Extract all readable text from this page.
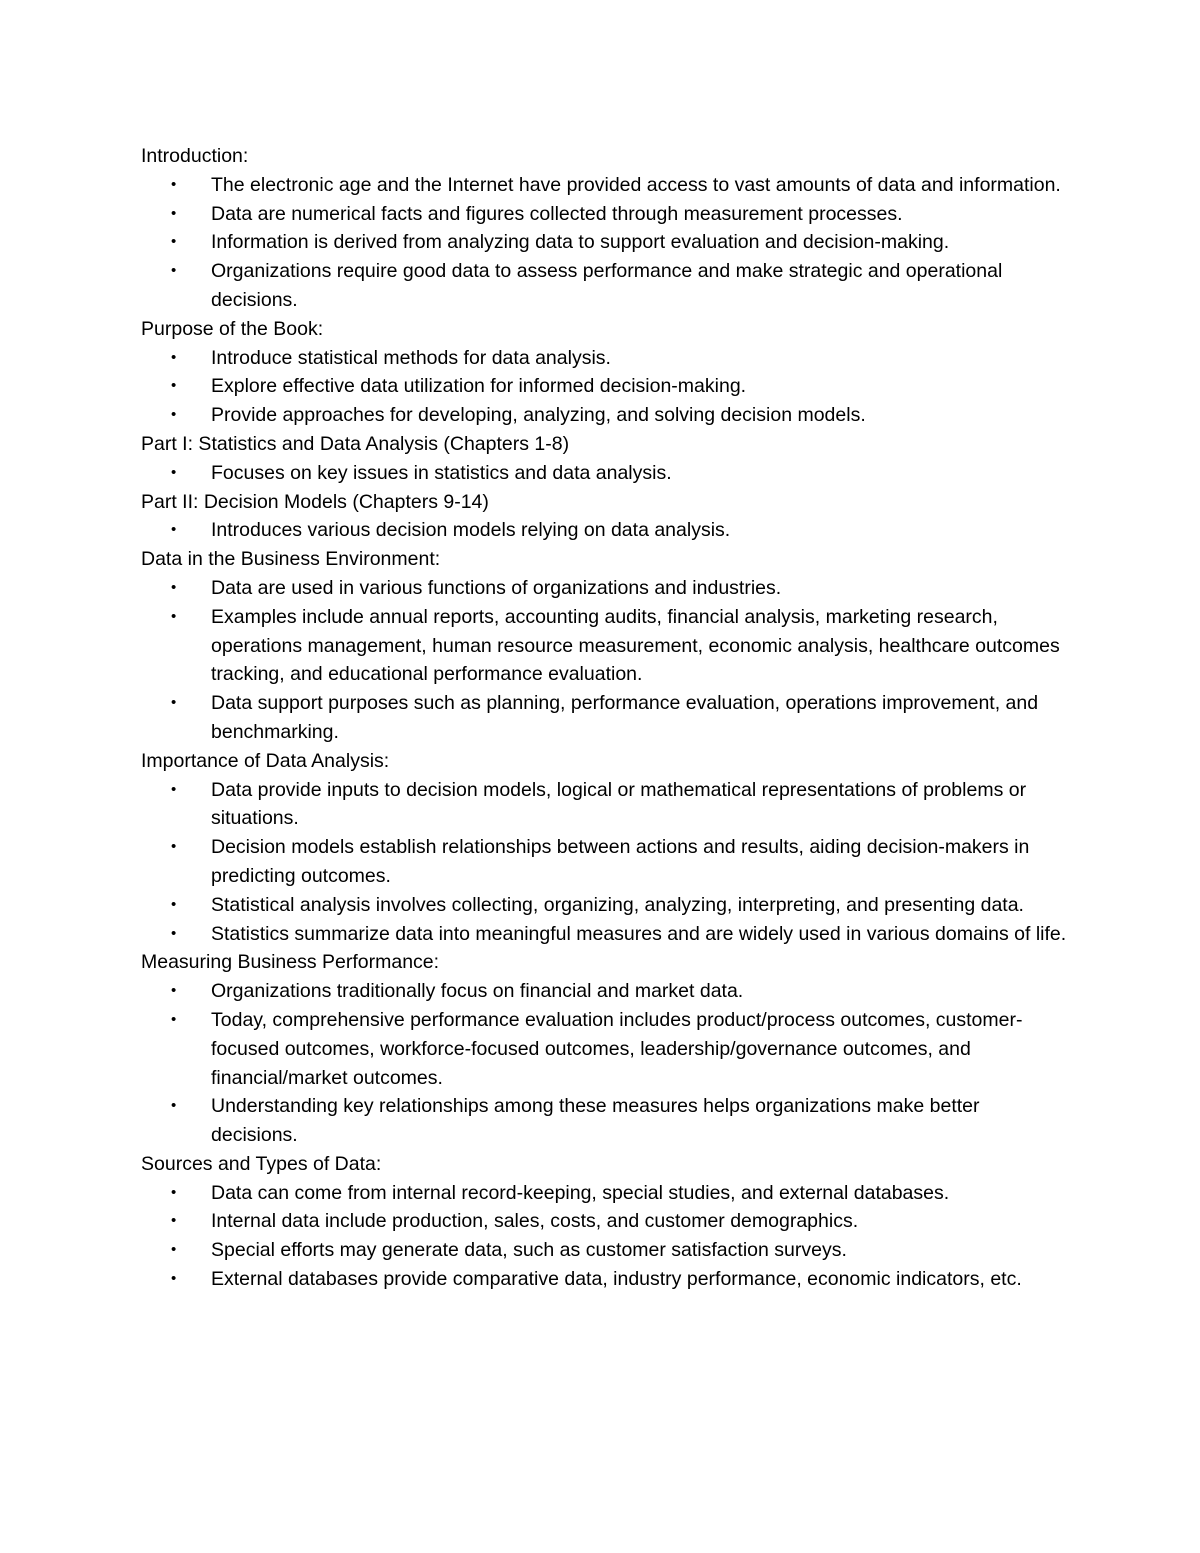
Introduction:
• The electronic age and the Internet have provided access to vast amounts of data and information.
• Data are numerical facts and figures collected through measurement processes.
• Information is derived from analyzing data to support evaluation and decision-making.
• Organizations require good data to assess performance and make strategic and operational decisions.
Purpose of the Book:
• Introduce statistical methods for data analysis.
• Explore effective data utilization for informed decision-making.
• Provide approaches for developing, analyzing, and solving decision models.
Part I: Statistics and Data Analysis (Chapters 1-8)
• Focuses on key issues in statistics and data analysis.
Part II: Decision Models (Chapters 9-14)
• Introduces various decision models relying on data analysis.
Data in the Business Environment:
• Data are used in various functions of organizations and industries.
• Examples include annual reports, accounting audits, financial analysis, marketing research, operations management, human resource measurement, economic analysis, healthcare outcomes tracking, and educational performance evaluation.
• Data support purposes such as planning, performance evaluation, operations improvement, and benchmarking.
Importance of Data Analysis:
• Data provide inputs to decision models, logical or mathematical representations of problems or situations.
• Decision models establish relationships between actions and results, aiding decision-makers in predicting outcomes.
• Statistical analysis involves collecting, organizing, analyzing, interpreting, and presenting data.
• Statistics summarize data into meaningful measures and are widely used in various domains of life.
Measuring Business Performance:
• Organizations traditionally focus on financial and market data.
• Today, comprehensive performance evaluation includes product/process outcomes, customer-focused outcomes, workforce-focused outcomes, leadership/governance outcomes, and financial/market outcomes.
• Understanding key relationships among these measures helps organizations make better decisions.
Sources and Types of Data:
• Data can come from internal record-keeping, special studies, and external databases.
• Internal data include production, sales, costs, and customer demographics.
• Special efforts may generate data, such as customer satisfaction surveys.
• External databases provide comparative data, industry performance, economic indicators, etc.
